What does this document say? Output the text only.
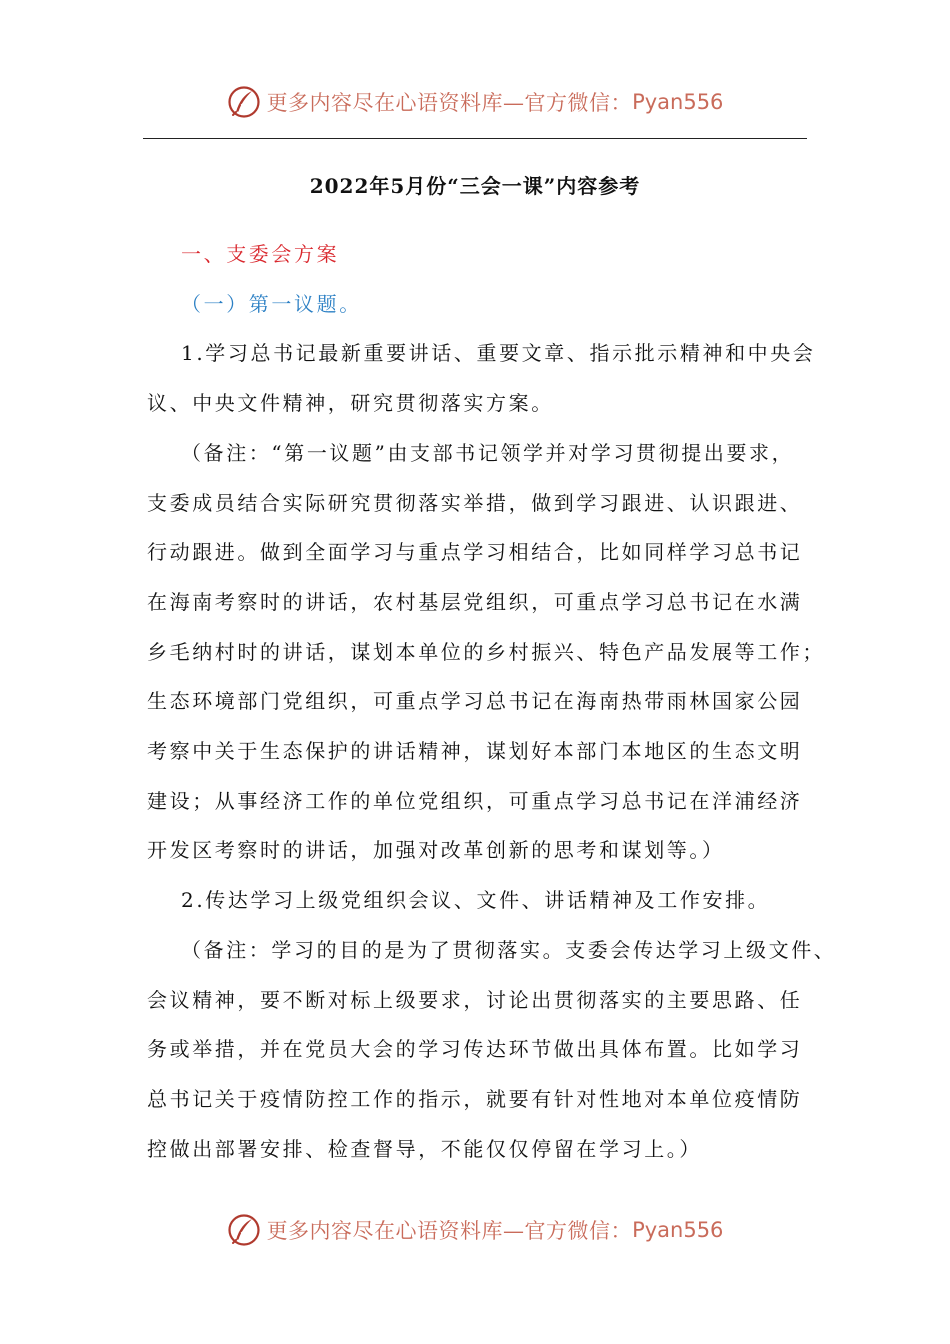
更多内容尽在心语资料库—官方微信： Pyan556
2022年5月份“三会一课”内容参考

一、支委会方案

（一）第一议题。

1.学习总书记最新重要讲话、重要文章、指示批示精神和中央会

议、中央文件精神，研究贯彻落实方案。

（备注：“第一议题”由支部书记领学并对学习贯彻提出要求，

支委成员结合实际研究贯彻落实举措，做到学习跟进、认识跟进、

行动跟进。做到全面学习与重点学习相结合，比如同样学习总书记

在海南考察时的讲话，农村基层党组织，可重点学习总书记在水满

乡毛纳村时的讲话，谋划本单位的乡村振兴、特色产品发展等工作；

生态环境部门党组织，可重点学习总书记在海南热带雨林国家公园

考察中关于生态保护的讲话精神，谋划好本部门本地区的生态文明

建设；从事经济工作的单位党组织，可重点学习总书记在洋浦经济

开发区考察时的讲话，加强对改革创新的思考和谋划等。）

2.传达学习上级党组织会议、文件、讲话精神及工作安排。

（备注：学习的目的是为了贯彻落实。支委会传达学习上级文件、

会议精神，要不断对标上级要求，讨论出贯彻落实的主要思路、任

务或举措，并在党员大会的学习传达环节做出具体布置。比如学习

总书记关于疫情防控工作的指示，就要有针对性地对本单位疫情防

控做出部署安排、检查督导，不能仅仅停留在学习上。）

更多内容尽在心语资料库—官方微信： Pyan556
